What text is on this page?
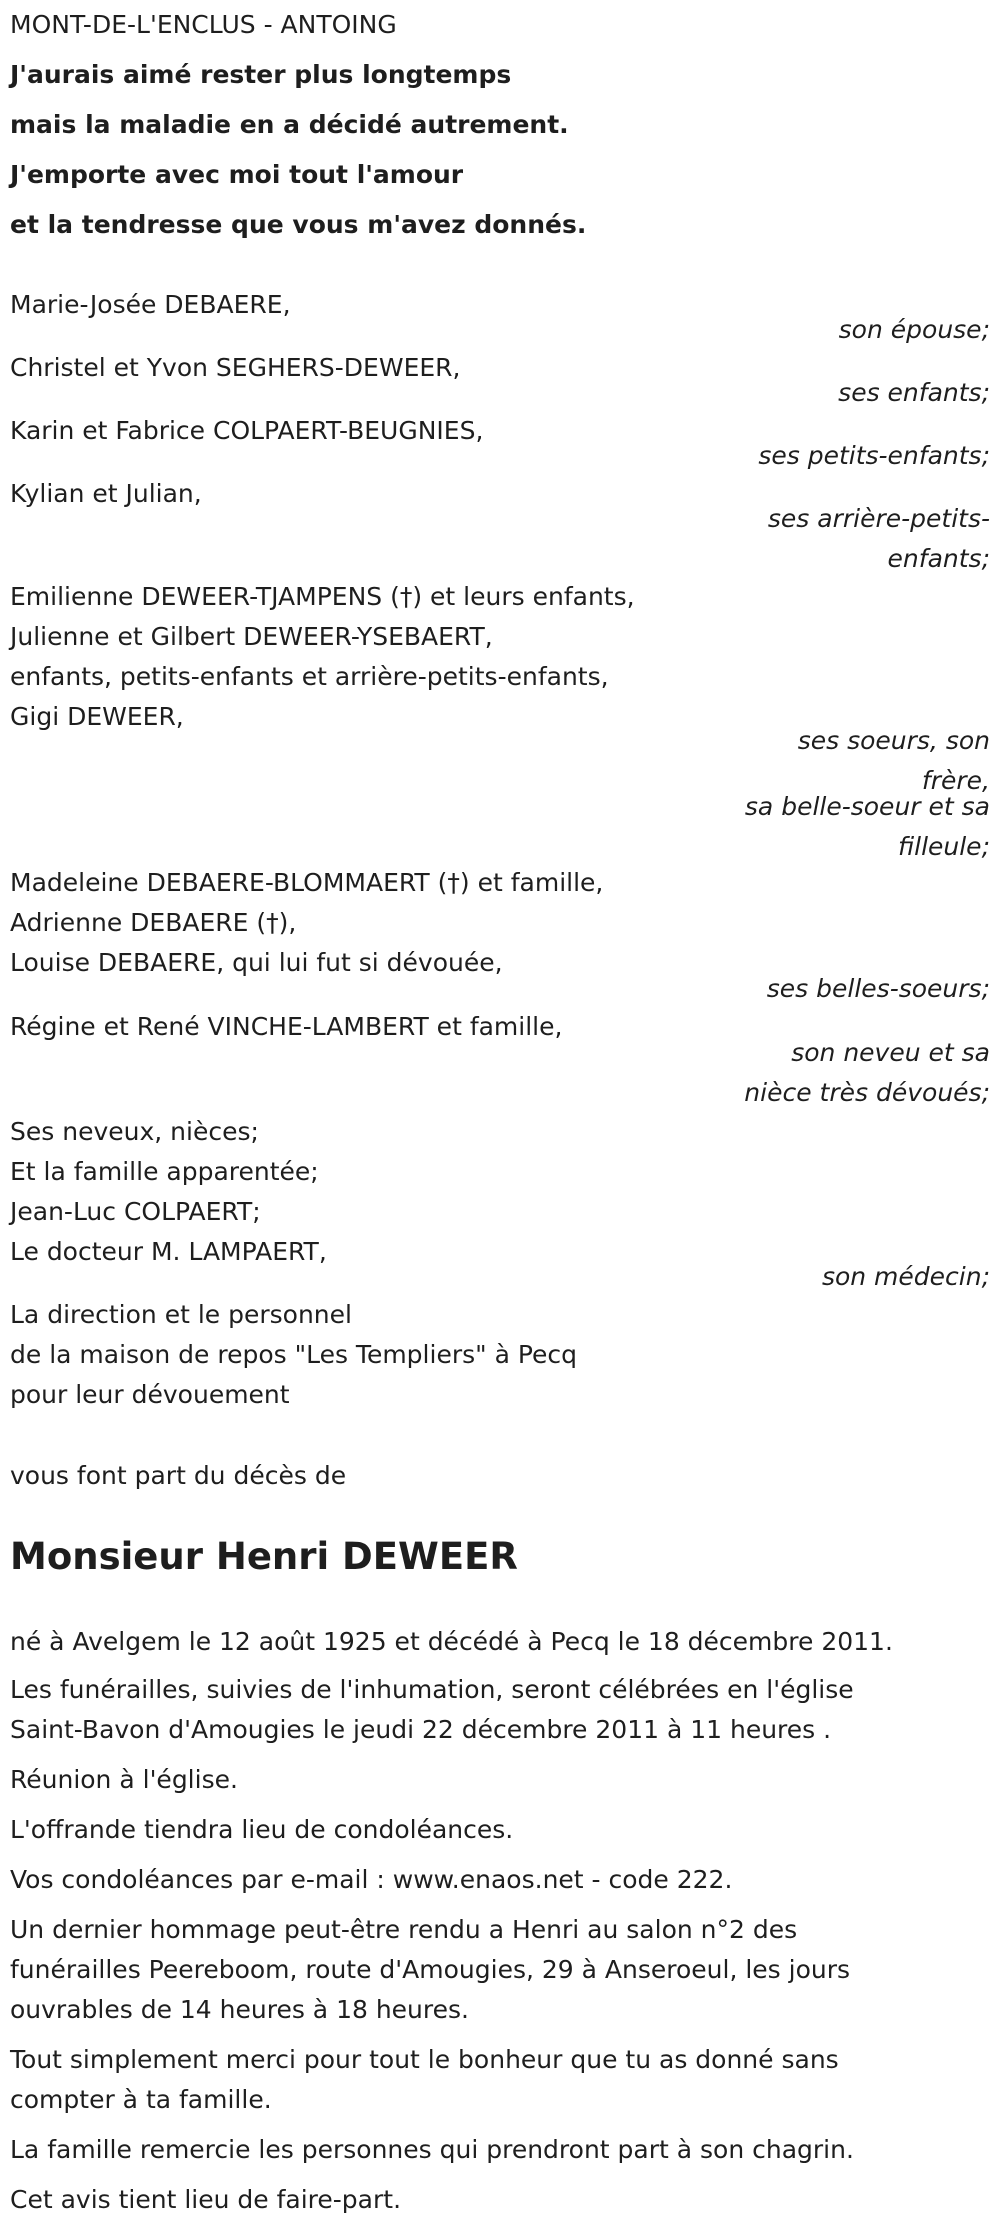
MONT-DE-L'ENCLUS - ANTOING

J'aurais aimé rester plus longtemps

mais la maladie en a décidé autrement.

J'emporte avec moi tout l'amour

et la tendresse que vous m'avez donnés.

Marie-Josée DEBAERE,

son épouse;

Christel et Yvon SEGHERS-DEWEER,

ses enfants;

Karin et Fabrice COLPAERT-BEUGNIES,

ses petits-enfants;

Kylian et Julian,

ses arrière-petits-

enfants;

Emilienne DEWEER-TJAMPENS (†) et leurs enfants,

Julienne et Gilbert DEWEER-YSEBAERT,

enfants, petits-enfants et arrière-petits-enfants,

Gigi DEWEER,

ses soeurs, son

frère,

sa belle-soeur et sa

filleule;

Madeleine DEBAERE-BLOMMAERT (†) et famille,

Adrienne DEBAERE (†),

Louise DEBAERE, qui lui fut si dévouée,

ses belles-soeurs;

Régine et René VINCHE-LAMBERT et famille,

son neveu et sa

nièce très dévoués;

Ses neveux, nièces;

Et la famille apparentée;

Jean-Luc COLPAERT;

Le docteur M. LAMPAERT,

son médecin;

La direction et le personnel

de la maison de repos "Les Templiers" à Pecq

pour leur dévouement

vous font part du décès de

Monsieur Henri DEWEER

né à Avelgem le 12 août 1925 et décédé à Pecq le 18 décembre 2011.

Les funérailles, suivies de l'inhumation, seront célébrées en l'église

Saint-Bavon d'Amougies le jeudi 22 décembre 2011 à 11 heures .

Réunion à l'église.

L'offrande tiendra lieu de condoléances.

Vos condoléances par e-mail : www.enaos.net - code 222.

Un dernier hommage peut-être rendu a Henri au salon n°2 des

funérailles Peereboom, route d'Amougies, 29 à Anseroeul, les jours

ouvrables de 14 heures à 18 heures.

Tout simplement merci pour tout le bonheur que tu as donné sans

compter à ta famille.

La famille remercie les personnes qui prendront part à son chagrin.

Cet avis tient lieu de faire-part.
